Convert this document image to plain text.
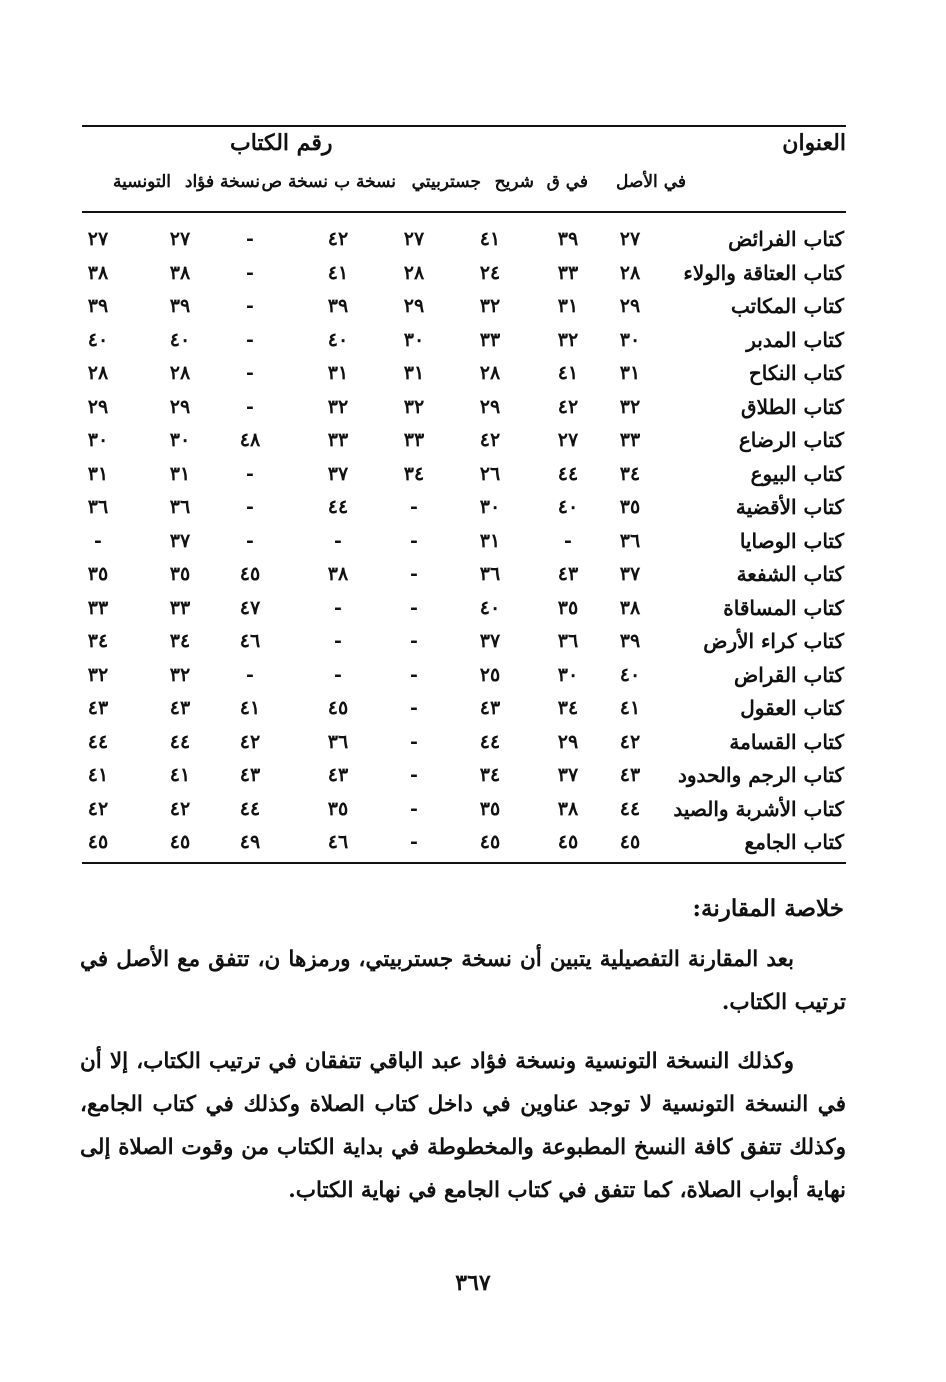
العنوان
رقم الكتاب
في الأصل
في ق
شريح
جستربيتي
نسخة ب
نسخة ص
نسخة فؤاد
التونسية
كتاب الفرائض
٢٧
٣٩
٤١
٢٧
٤٢
-
٢٧
٢٧
كتاب العتاقة والولاء
٢٨
٣٣
٢٤
٢٨
٤١
-
٣٨
٣٨
كتاب المكاتب
٢٩
٣١
٣٢
٢٩
٣٩
-
٣٩
٣٩
كتاب المدبر
٣٠
٣٢
٣٣
٣٠
٤٠
-
٤٠
٤٠
كتاب النكاح
٣١
٤١
٢٨
٣١
٣١
-
٢٨
٢٨
كتاب الطلاق
٣٢
٤٢
٢٩
٣٢
٣٢
-
٢٩
٢٩
كتاب الرضاع
٣٣
٢٧
٤٢
٣٣
٣٣
٤٨
٣٠
٣٠
كتاب البيوع
٣٤
٤٤
٢٦
٣٤
٣٧
-
٣١
٣١
كتاب الأقضية
٣٥
٤٠
٣٠
-
٤٤
-
٣٦
٣٦
كتاب الوصايا
٣٦
-
٣١
-
-
-
٣٧
-
كتاب الشفعة
٣٧
٤٣
٣٦
-
٣٨
٤٥
٣٥
٣٥
كتاب المساقاة
٣٨
٣٥
٤٠
-
-
٤٧
٣٣
٣٣
كتاب كراء الأرض
٣٩
٣٦
٣٧
-
-
٤٦
٣٤
٣٤
كتاب القراض
٤٠
٣٠
٢٥
-
-
-
٣٢
٣٢
كتاب العقول
٤١
٣٤
٤٣
-
٤٥
٤١
٤٣
٤٣
كتاب القسامة
٤٢
٢٩
٤٤
-
٣٦
٤٢
٤٤
٤٤
كتاب الرجم والحدود
٤٣
٣٧
٣٤
-
٤٣
٤٣
٤١
٤١
كتاب الأشربة والصيد
٤٤
٣٨
٣٥
-
٣٥
٤٤
٤٢
٤٢
كتاب الجامع
٤٥
٤٥
٤٥
-
٤٦
٤٩
٤٥
٤٥
خلاصة المقارنة:
بعد المقارنة التفصيلية يتبين أن نسخة جستربيتي، ورمزها ن، تتفق مع الأصل في ترتيب الكتاب.
وكذلك النسخة التونسية ونسخة فؤاد عبد الباقي تتفقان في ترتيب الكتاب، إلا أن في النسخة التونسية لا توجد عناوين في داخل كتاب الصلاة وكذلك في كتاب الجامع، وكذلك تتفق كافة النسخ المطبوعة والمخطوطة في بداية الكتاب من وقوت الصلاة إلى نهاية أبواب الصلاة، كما تتفق في كتاب الجامع في نهاية الكتاب.
٣٦٧
